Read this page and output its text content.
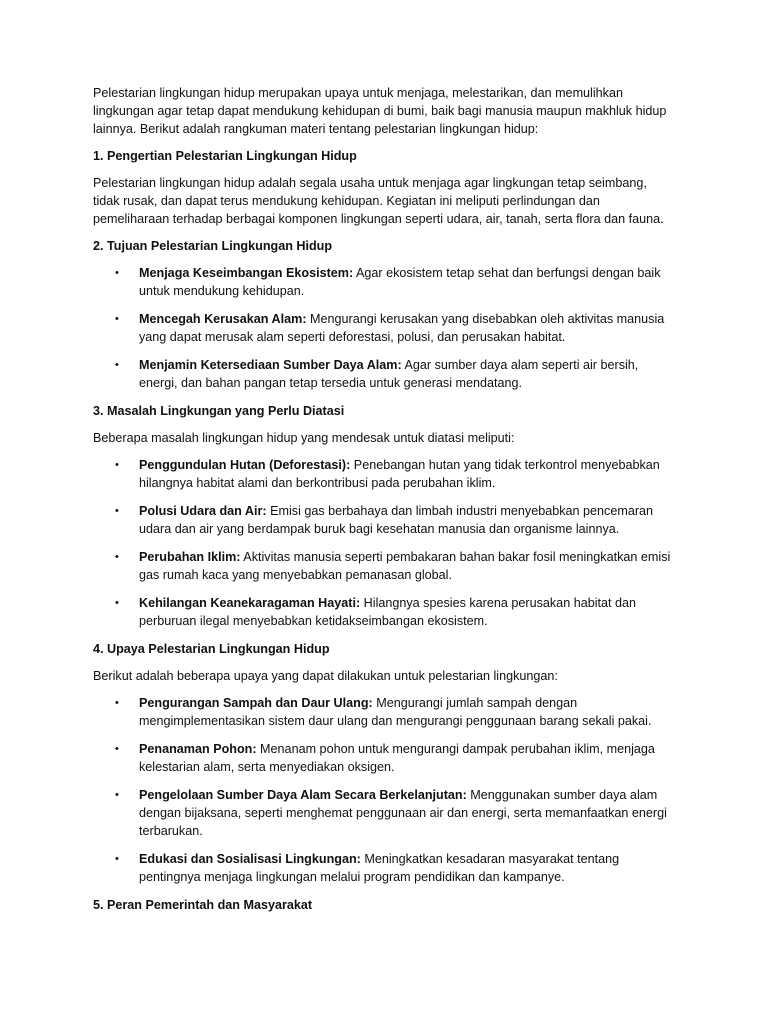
Pelestarian lingkungan hidup merupakan upaya untuk menjaga, melestarikan, dan memulihkan lingkungan agar tetap dapat mendukung kehidupan di bumi, baik bagi manusia maupun makhluk hidup lainnya. Berikut adalah rangkuman materi tentang pelestarian lingkungan hidup:

1. Pengertian Pelestarian Lingkungan Hidup

Pelestarian lingkungan hidup adalah segala usaha untuk menjaga agar lingkungan tetap seimbang, tidak rusak, dan dapat terus mendukung kehidupan. Kegiatan ini meliputi perlindungan dan pemeliharaan terhadap berbagai komponen lingkungan seperti udara, air, tanah, serta flora dan fauna.

2. Tujuan Pelestarian Lingkungan Hidup
• Menjaga Keseimbangan Ekosistem: Agar ekosistem tetap sehat dan berfungsi dengan baik untuk mendukung kehidupan.
• Mencegah Kerusakan Alam: Mengurangi kerusakan yang disebabkan oleh aktivitas manusia yang dapat merusak alam seperti deforestasi, polusi, dan perusakan habitat.
• Menjamin Ketersediaan Sumber Daya Alam: Agar sumber daya alam seperti air bersih, energi, dan bahan pangan tetap tersedia untuk generasi mendatang.
3. Masalah Lingkungan yang Perlu Diatasi

Beberapa masalah lingkungan hidup yang mendesak untuk diatasi meliputi:

• Penggundulan Hutan (Deforestasi): Penebangan hutan yang tidak terkontrol menyebabkan hilangnya habitat alami dan berkontribusi pada perubahan iklim.
• Polusi Udara dan Air: Emisi gas berbahaya dan limbah industri menyebabkan pencemaran udara dan air yang berdampak buruk bagi kesehatan manusia dan organisme lainnya.
• Perubahan Iklim: Aktivitas manusia seperti pembakaran bahan bakar fosil meningkatkan emisi gas rumah kaca yang menyebabkan pemanasan global.
• Kehilangan Keanekaragaman Hayati: Hilangnya spesies karena perusakan habitat dan perburuan ilegal menyebabkan ketidakseimbangan ekosistem.
4. Upaya Pelestarian Lingkungan Hidup

Berikut adalah beberapa upaya yang dapat dilakukan untuk pelestarian lingkungan:

• Pengurangan Sampah dan Daur Ulang: Mengurangi jumlah sampah dengan mengimplementasikan sistem daur ulang dan mengurangi penggunaan barang sekali pakai.
• Penanaman Pohon: Menanam pohon untuk mengurangi dampak perubahan iklim, menjaga kelestarian alam, serta menyediakan oksigen.
• Pengelolaan Sumber Daya Alam Secara Berkelanjutan: Menggunakan sumber daya alam dengan bijaksana, seperti menghemat penggunaan air dan energi, serta memanfaatkan energi terbarukan.
• Edukasi dan Sosialisasi Lingkungan: Meningkatkan kesadaran masyarakat tentang pentingnya menjaga lingkungan melalui program pendidikan dan kampanye.
5. Peran Pemerintah dan Masyarakat
